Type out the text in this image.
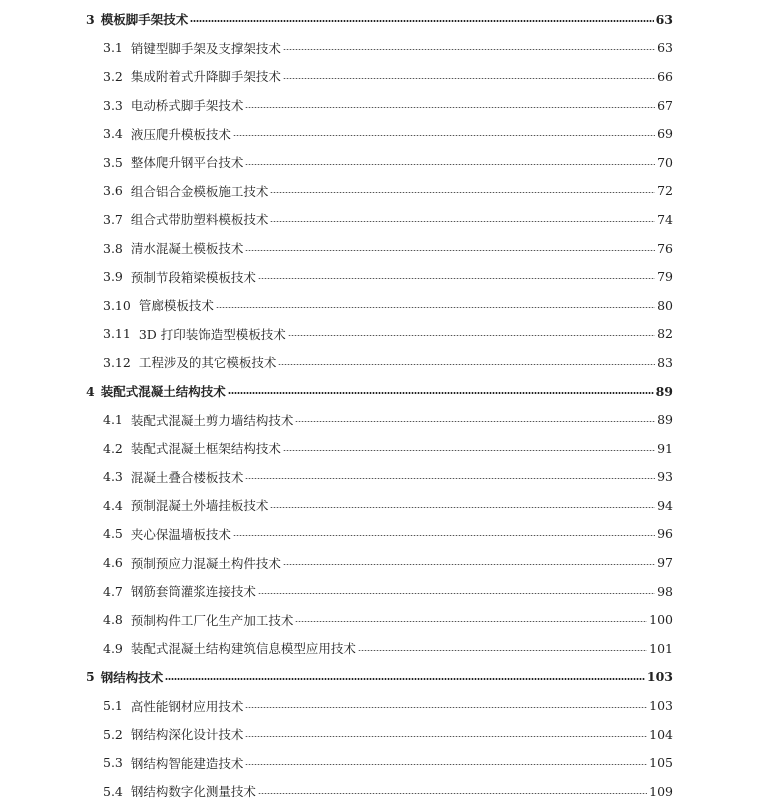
3 模板脚手架技术	63
3.1 销键型脚手架及支撑架技术	63
3.2 集成附着式升降脚手架技术	66
3.3 电动桥式脚手架技术	67
3.4 液压爬升模板技术	69
3.5 整体爬升钢平台技术	70
3.6 组合铝合金模板施工技术	72
3.7 组合式带肋塑料模板技术	74
3.8 清水混凝土模板技术	76
3.9 预制节段箱梁模板技术	79
3.10 管廊模板技术	80
3.11 3D 打印装饰造型模板技术	82
3.12 工程涉及的其它模板技术	83
4 装配式混凝土结构技术	89
4.1 装配式混凝土剪力墙结构技术	89
4.2 装配式混凝土框架结构技术	91
4.3 混凝土叠合楼板技术	93
4.4 预制混凝土外墙挂板技术	94
4.5 夹心保温墙板技术	96
4.6 预制预应力混凝土构件技术	97
4.7 钢筋套筒灌浆连接技术	98
4.8 预制构件工厂化生产加工技术	100
4.9 装配式混凝土结构建筑信息模型应用技术	101
5 钢结构技术	103
5.1 高性能钢材应用技术	103
5.2 钢结构深化设计技术	104
5.3 钢结构智能建造技术	105
5.4 钢结构数字化测量技术	109
